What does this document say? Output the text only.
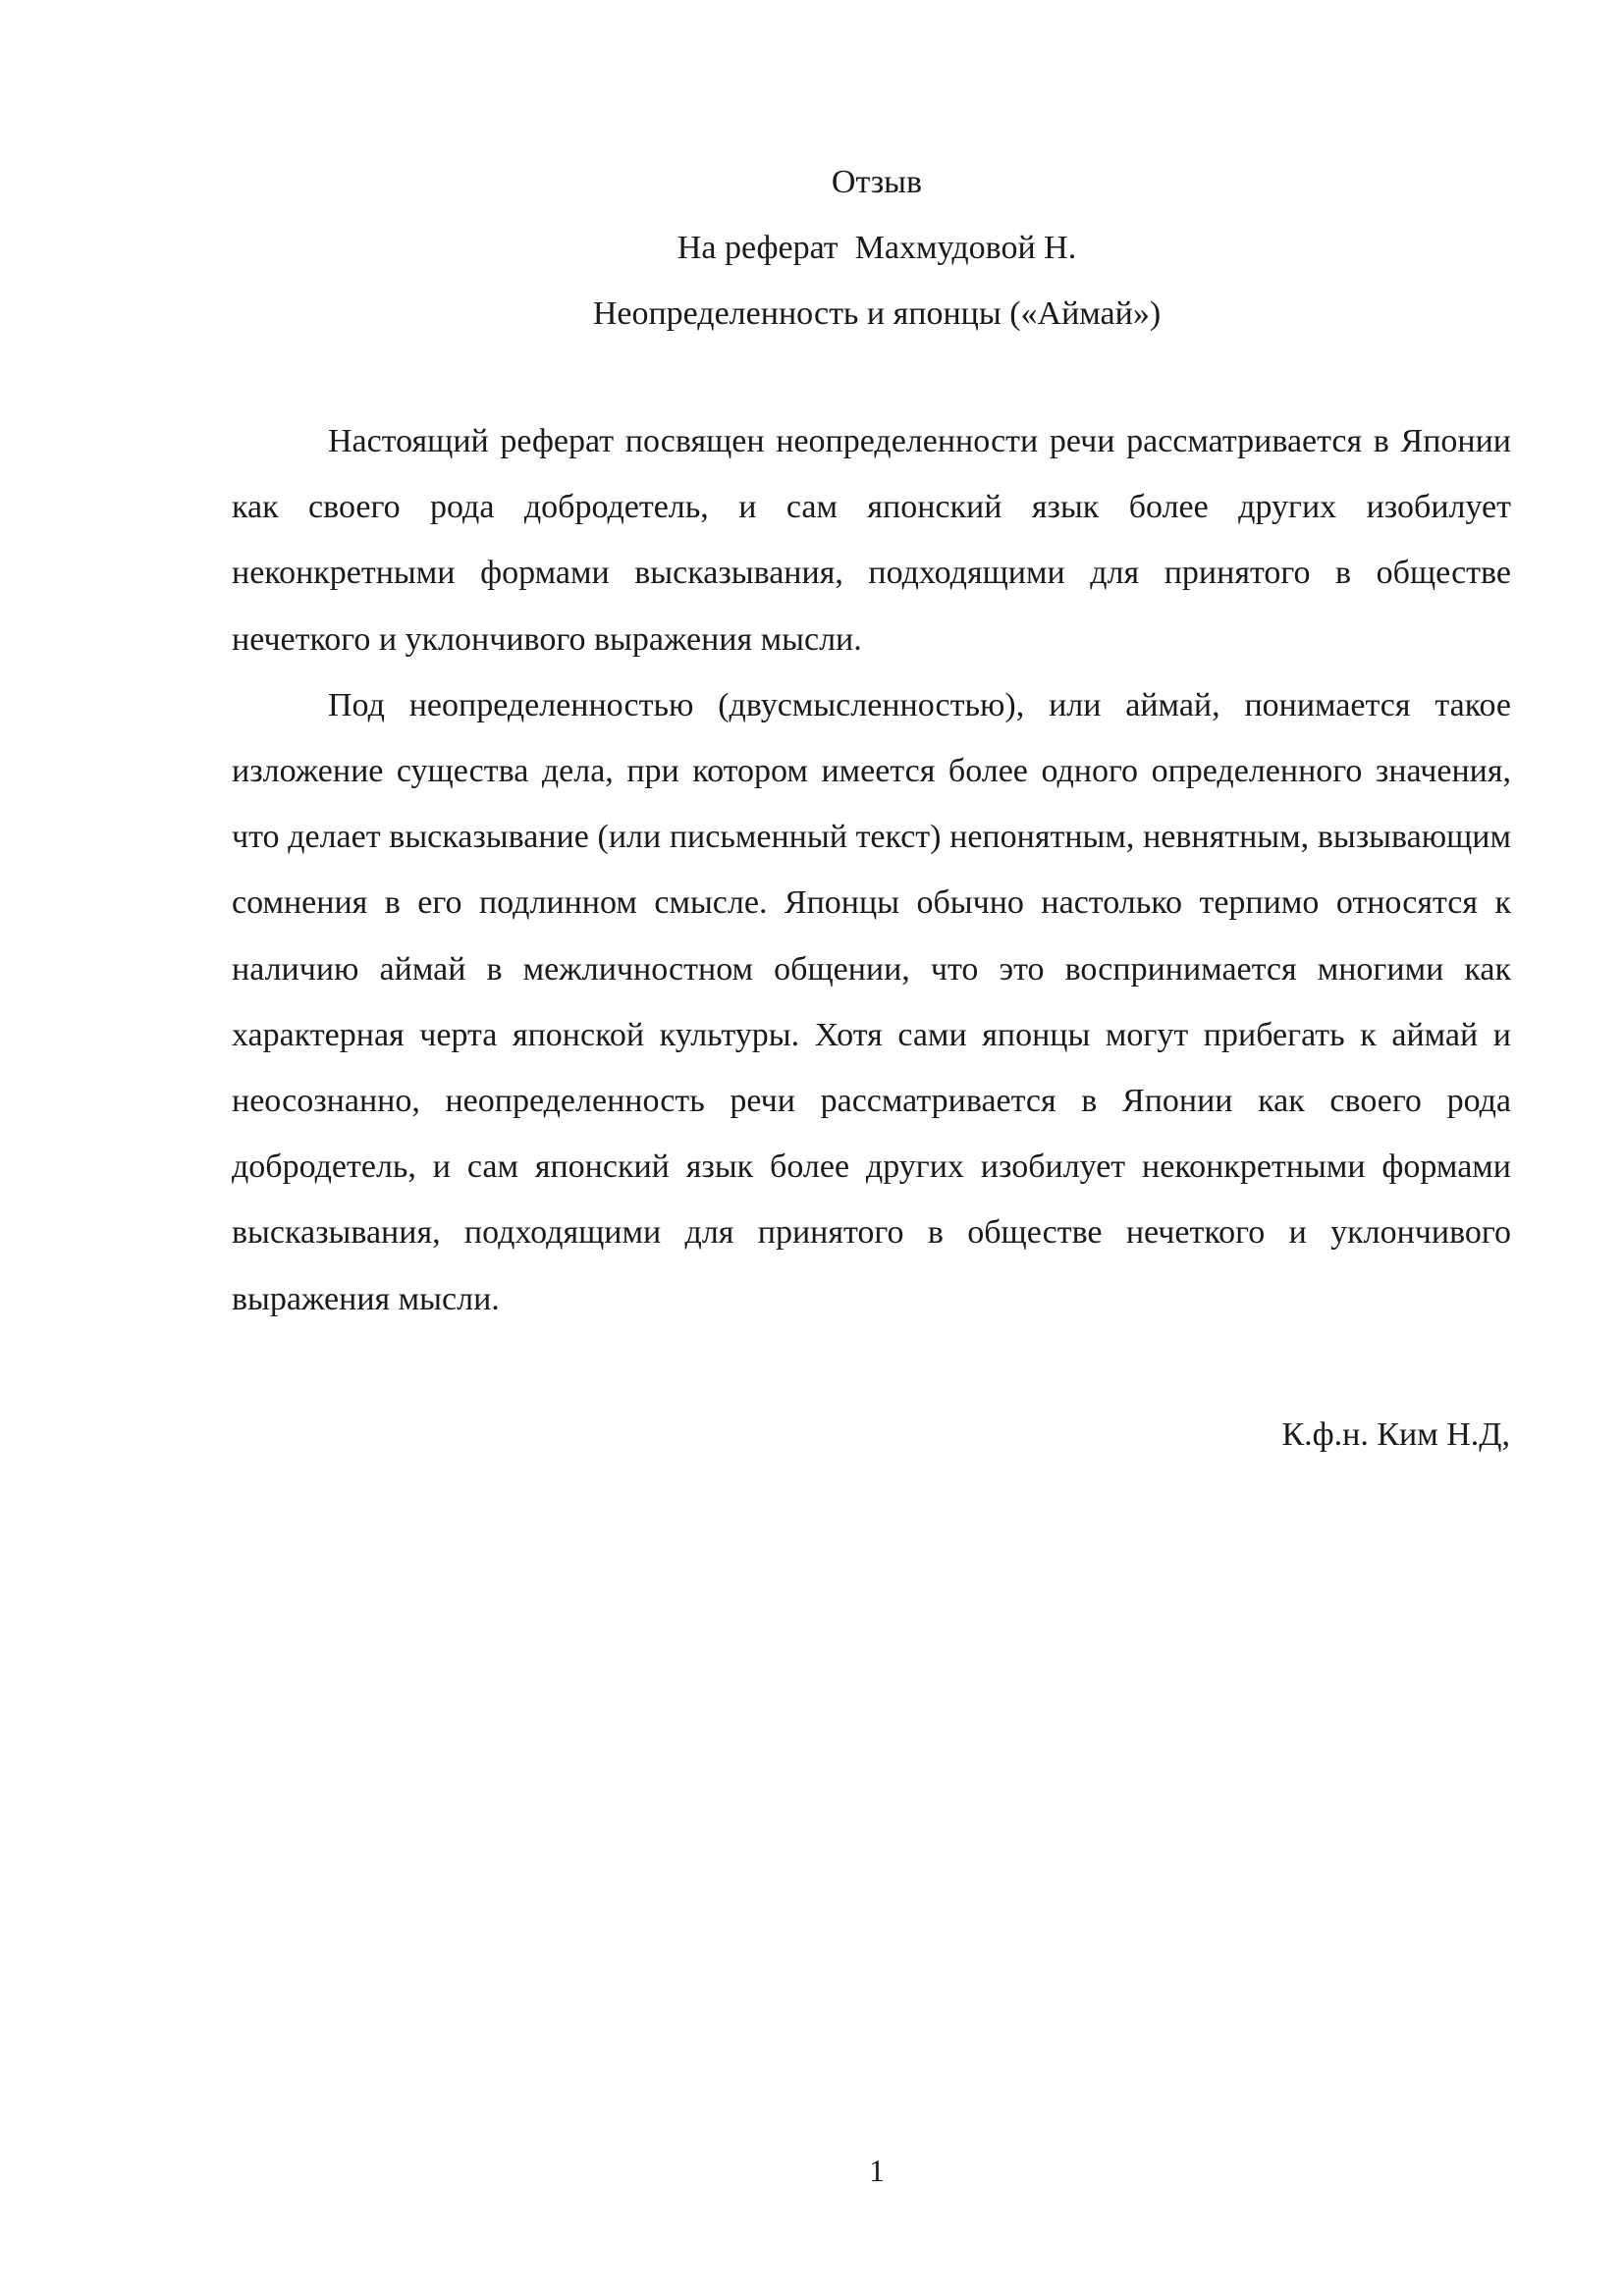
Отзыв
На реферат  Махмудовой Н.
Неопределенность и японцы («Аймай»)

Настоящий реферат посвящен неопределенности речи рассматривается в Японии как своего рода добродетель, и сам японский язык более других изобилует неконкретными формами высказывания, подходящими для принятого в обществе нечеткого и уклончивого выражения мысли.

Под неопределенностью (двусмысленностью), или аймай, понимается такое изложение существа дела, при котором имеется более одного определенного значения, что делает высказывание (или письменный текст) непонятным, невнятным, вызывающим сомнения в его подлинном смысле. Японцы обычно настолько терпимо относятся к наличию аймай в межличностном общении, что это воспринимается многими как характерная черта японской культуры. Хотя сами японцы могут прибегать к аймай и неосознанно, неопределенность речи рассматривается в Японии как своего рода добродетель, и сам японский язык более других изобилует неконкретными формами высказывания, подходящими для принятого в обществе нечеткого и уклончивого выражения мысли.

К.ф.н. Ким Н.Д,
1
